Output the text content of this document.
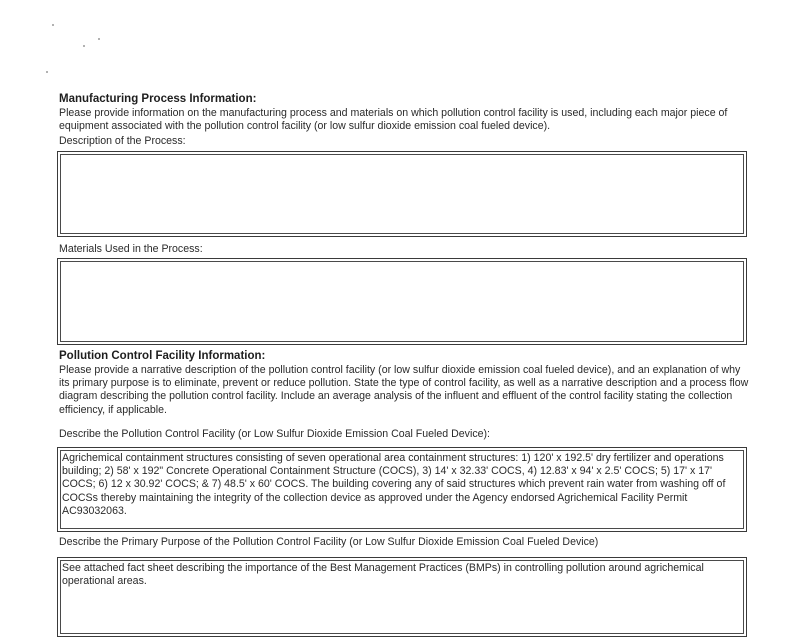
Manufacturing Process Information:
Please provide information on the manufacturing process and materials on which pollution control facility is used, including each major piece of equipment associated with the pollution control facility (or low sulfur dioxide emission coal fueled device).
Description of the Process:
Materials Used in the Process:
Pollution Control Facility Information:
Please provide a narrative description of the pollution control facility (or low sulfur dioxide emission coal fueled device), and an explanation of why its primary purpose is to eliminate, prevent or reduce pollution. State the type of control facility, as well as a narrative description and a process flow diagram describing the pollution control facility. Include an average analysis of the influent and effluent of the control facility stating the collection efficiency, if applicable.
Describe the Pollution Control Facility (or Low Sulfur Dioxide Emission Coal Fueled Device):
Agrichemical containment structures consisting of seven operational area containment structures: 1) 120' x 192.5' dry fertilizer and operations building; 2) 58' x 192" Concrete Operational Containment Structure (COCS), 3) 14' x 32.33' COCS, 4) 12.83' x 94' x 2.5' COCS; 5) 17' x 17' COCS; 6) 12 x 30.92' COCS; & 7) 48.5' x 60' COCS. The building covering any of said structures which prevent rain water from washing off of COCSs thereby maintaining the integrity of the collection device as approved under the Agency endorsed Agrichemical Facility Permit AC93032063.
Describe the Primary Purpose of the Pollution Control Facility (or Low Sulfur Dioxide Emission Coal Fueled Device)
See attached fact sheet describing the importance of the Best Management Practices (BMPs) in controlling pollution around agrichemical operational areas.
